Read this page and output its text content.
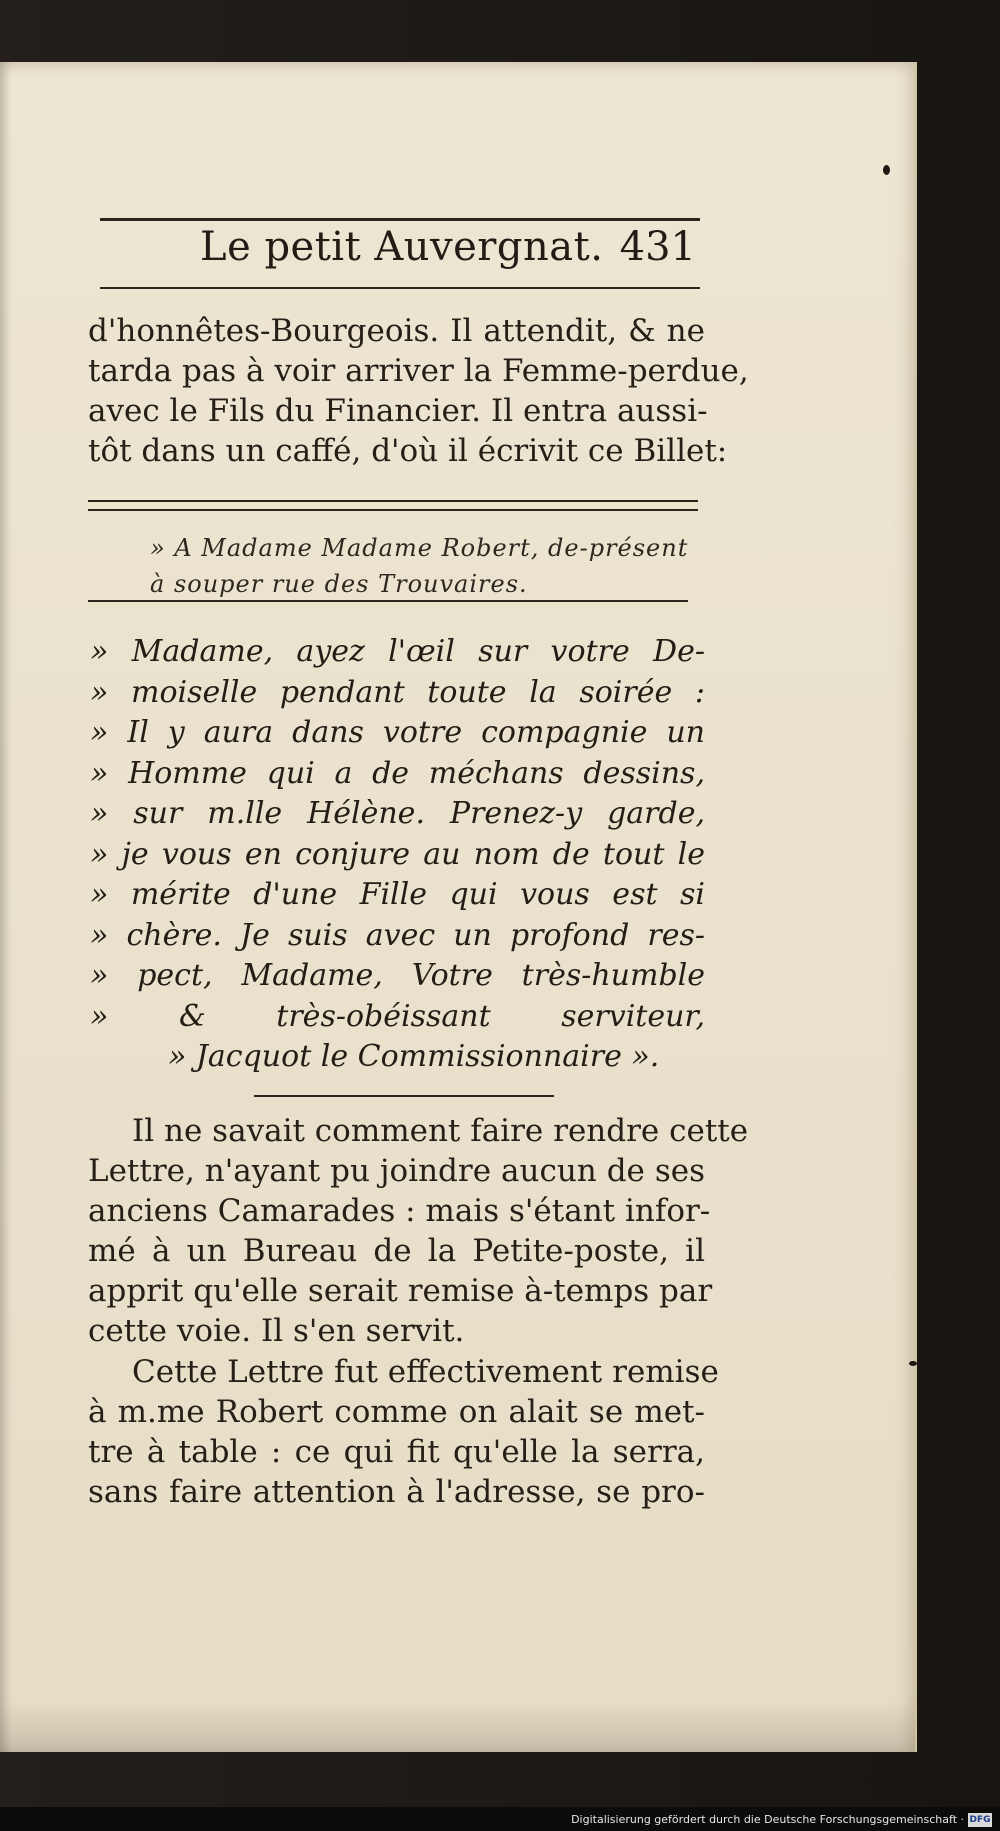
Le petit Auvergnat. 431
d'honnêtes-Bourgeois. Il attendit, & ne
tarda pas à voir arriver la Femme-perdue,
avec le Fils du Financier. Il entra aussi-
tôt dans un caffé, d'où il écrivit ce Billet:
» A Madame Madame Robert, de-présent
à souper rue des Trouvaires.
» Madame, ayez l'œil sur votre De-
» moiselle pendant toute la soirée :
» Il y aura dans votre compagnie un
» Homme qui a de méchans dessins,
» sur m.lle Hélène. Prenez-y garde,
» je vous en conjure au nom de tout le
» mérite d'une Fille qui vous est si
» chère. Je suis avec un profond res-
» pect, Madame, Votre très-humble
» & très-obéissant serviteur,
» Jacquot le Commissionnaire ».
Il ne savait comment faire rendre cette
Lettre, n'ayant pu joindre aucun de ses
anciens Camarades : mais s'étant infor-
mé à un Bureau de la Petite-poste, il
apprit qu'elle serait remise à-temps par
cette voie. Il s'en servit.
Cette Lettre fut effectivement remise
à m.me Robert comme on alait se met-
tre à table : ce qui fit qu'elle la serra,
sans faire attention à l'adresse, se pro-
Digitalisierung gefördert durch die Deutsche Forschungsgemeinschaft · DFG
